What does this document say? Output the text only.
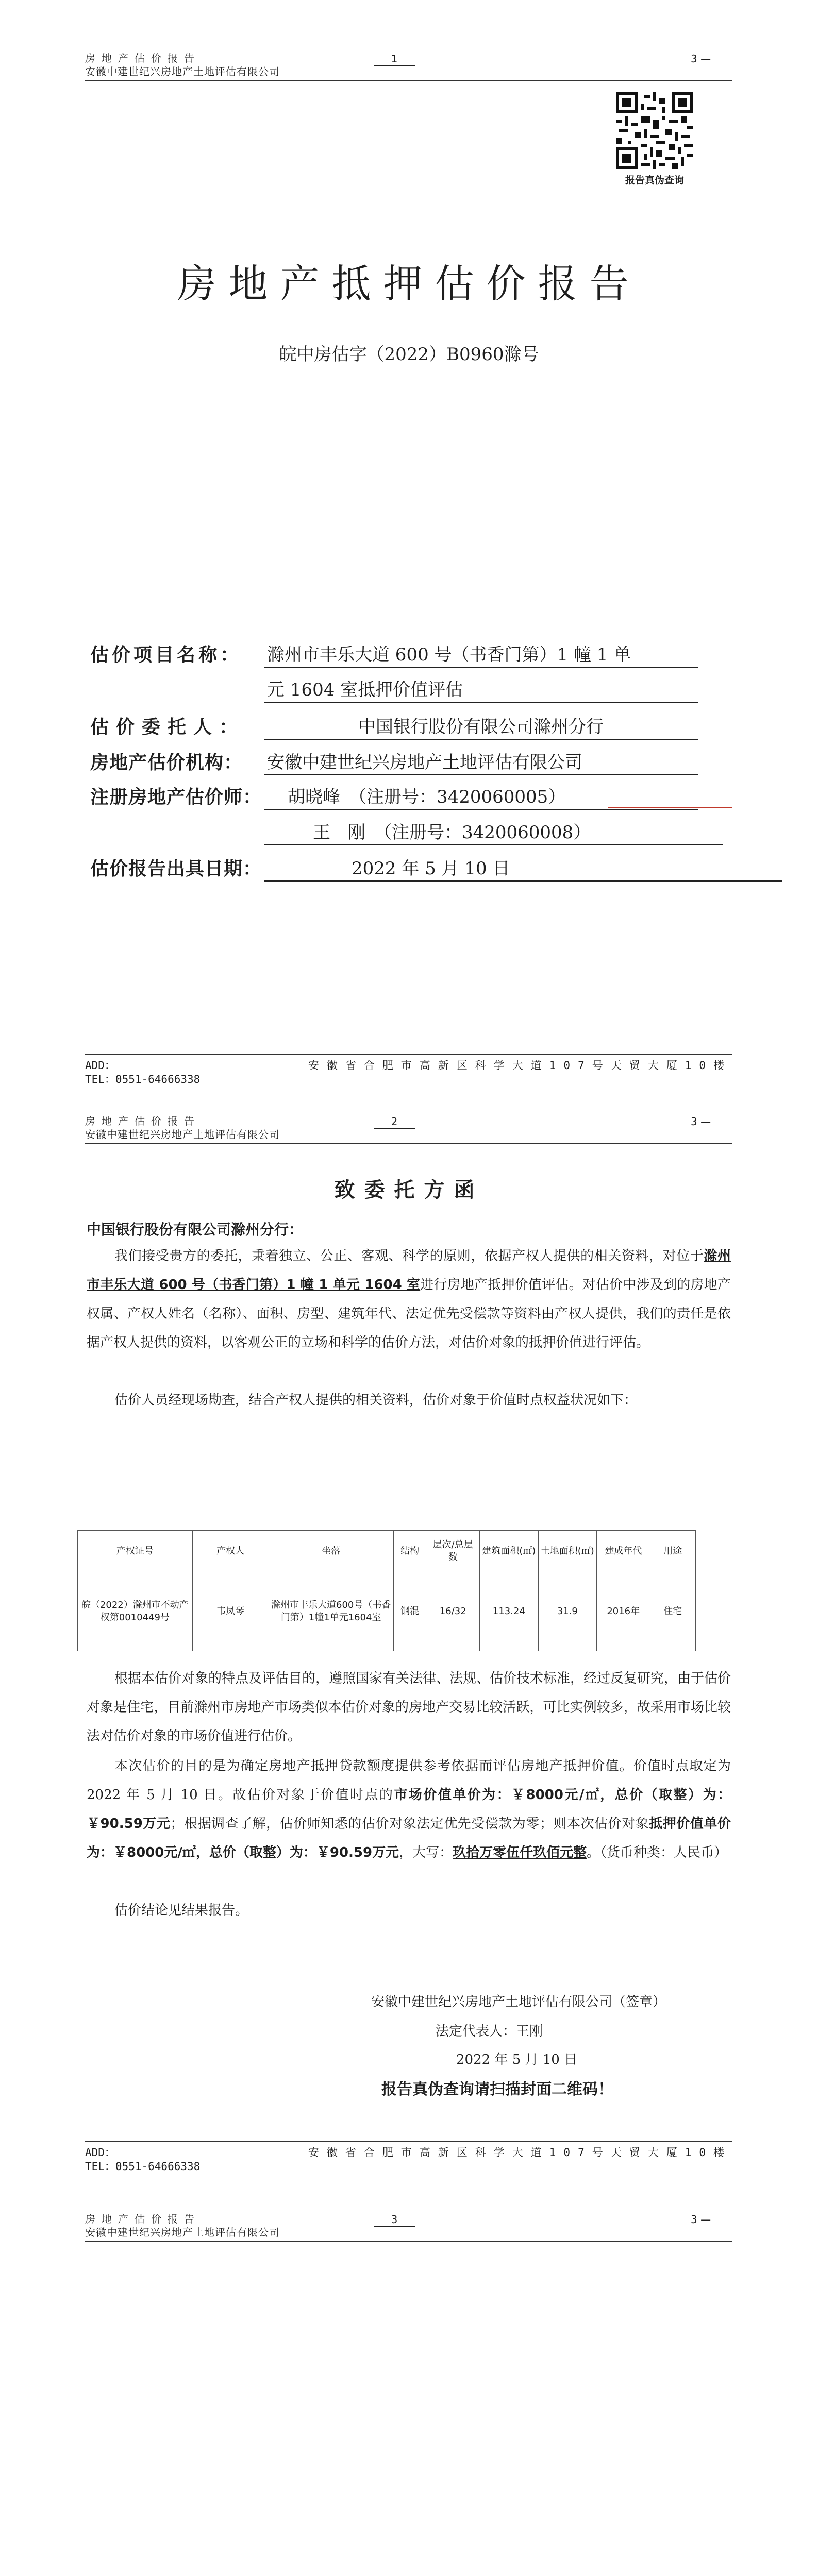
房地产估价报告
安徽中建世纪兴房地产土地评估有限公司
1	3 —
报告真伪查询
房地产抵押估价报告
皖中房估字（2022）B0960滁号
估价项目名称： 滁州市丰乐大道 600 号（书香门第）1 幢 1 单
元 1604 室抵押价值评估
估价委托人：	中国银行股份有限公司滁州分行
房地产估价机构： 安徽中建世纪兴房地产土地评估有限公司
注册房地产估价师：	胡晓峰　（注册号：3420060005）
王　刚　（注册号：3420060008）
估价报告出具日期：	2022 年 5 月 10 日
ADD：	安徽省合肥市高新区科学大道107号天贸大厦10楼
TEL：0551-64666338
房地产估价报告
安徽中建世纪兴房地产土地评估有限公司
2	3 —
致委托方函
中国银行股份有限公司滁州分行：
我们接受贵方的委托，秉着独立、公正、客观、科学的原则，依据产权人提供的相关资料，对位于滁州市丰乐大道 600 号（书香门第）1 幢 1 单元 1604 室进行房地产抵押价值评估。对估价中涉及到的房地产权属、产权人姓名（名称）、面积、房型、建筑年代、法定优先受偿款等资料由产权人提供，我们的责任是依据产权人提供的资料，以客观公正的立场和科学的估价方法，对估价对象的抵押价值进行评估。
估价人员经现场勘查，结合产权人提供的相关资料，估价对象于价值时点权益状况如下：
产权证号	产权人	坐落	结构	层次/总层数	建筑面积(㎡)	土地面积(㎡)	建成年代	用途
皖（2022）滁州市不动产权第0010449号	韦凤琴	滁州市丰乐大道600号（书香门第）1幢1单元1604室	钢混	16/32	113.24	31.9	2016年	住宅
根据本估价对象的特点及评估目的，遵照国家有关法律、法规、估价技术标准，经过反复研究，由于估价对象是住宅，目前滁州市房地产市场类似本估价对象的房地产交易比较活跃，可比实例较多，故采用市场比较法对估价对象的市场价值进行估价。
本次估价的目的是为确定房地产抵押贷款额度提供参考依据而评估房地产抵押价值。价值时点取定为 2022 年 5 月 10 日。故估价对象于价值时点的市场价值单价为：￥8000元/㎡，总价（取整）为：￥90.59万元；根据调查了解，估价师知悉的估价对象法定优先受偿款为零；则本次估价对象抵押价值单价为：￥8000元/㎡，总价（取整）为：￥90.59万元，大写：玖拾万零伍仟玖佰元整。（货币种类：人民币）
估价结论见结果报告。
安徽中建世纪兴房地产土地评估有限公司（签章）
法定代表人：王刚
2022 年 5 月 10 日
报告真伪查询请扫描封面二维码！
ADD：	安徽省合肥市高新区科学大道107号天贸大厦10楼
TEL：0551-64666338
房地产估价报告
安徽中建世纪兴房地产土地评估有限公司
3	3 —
